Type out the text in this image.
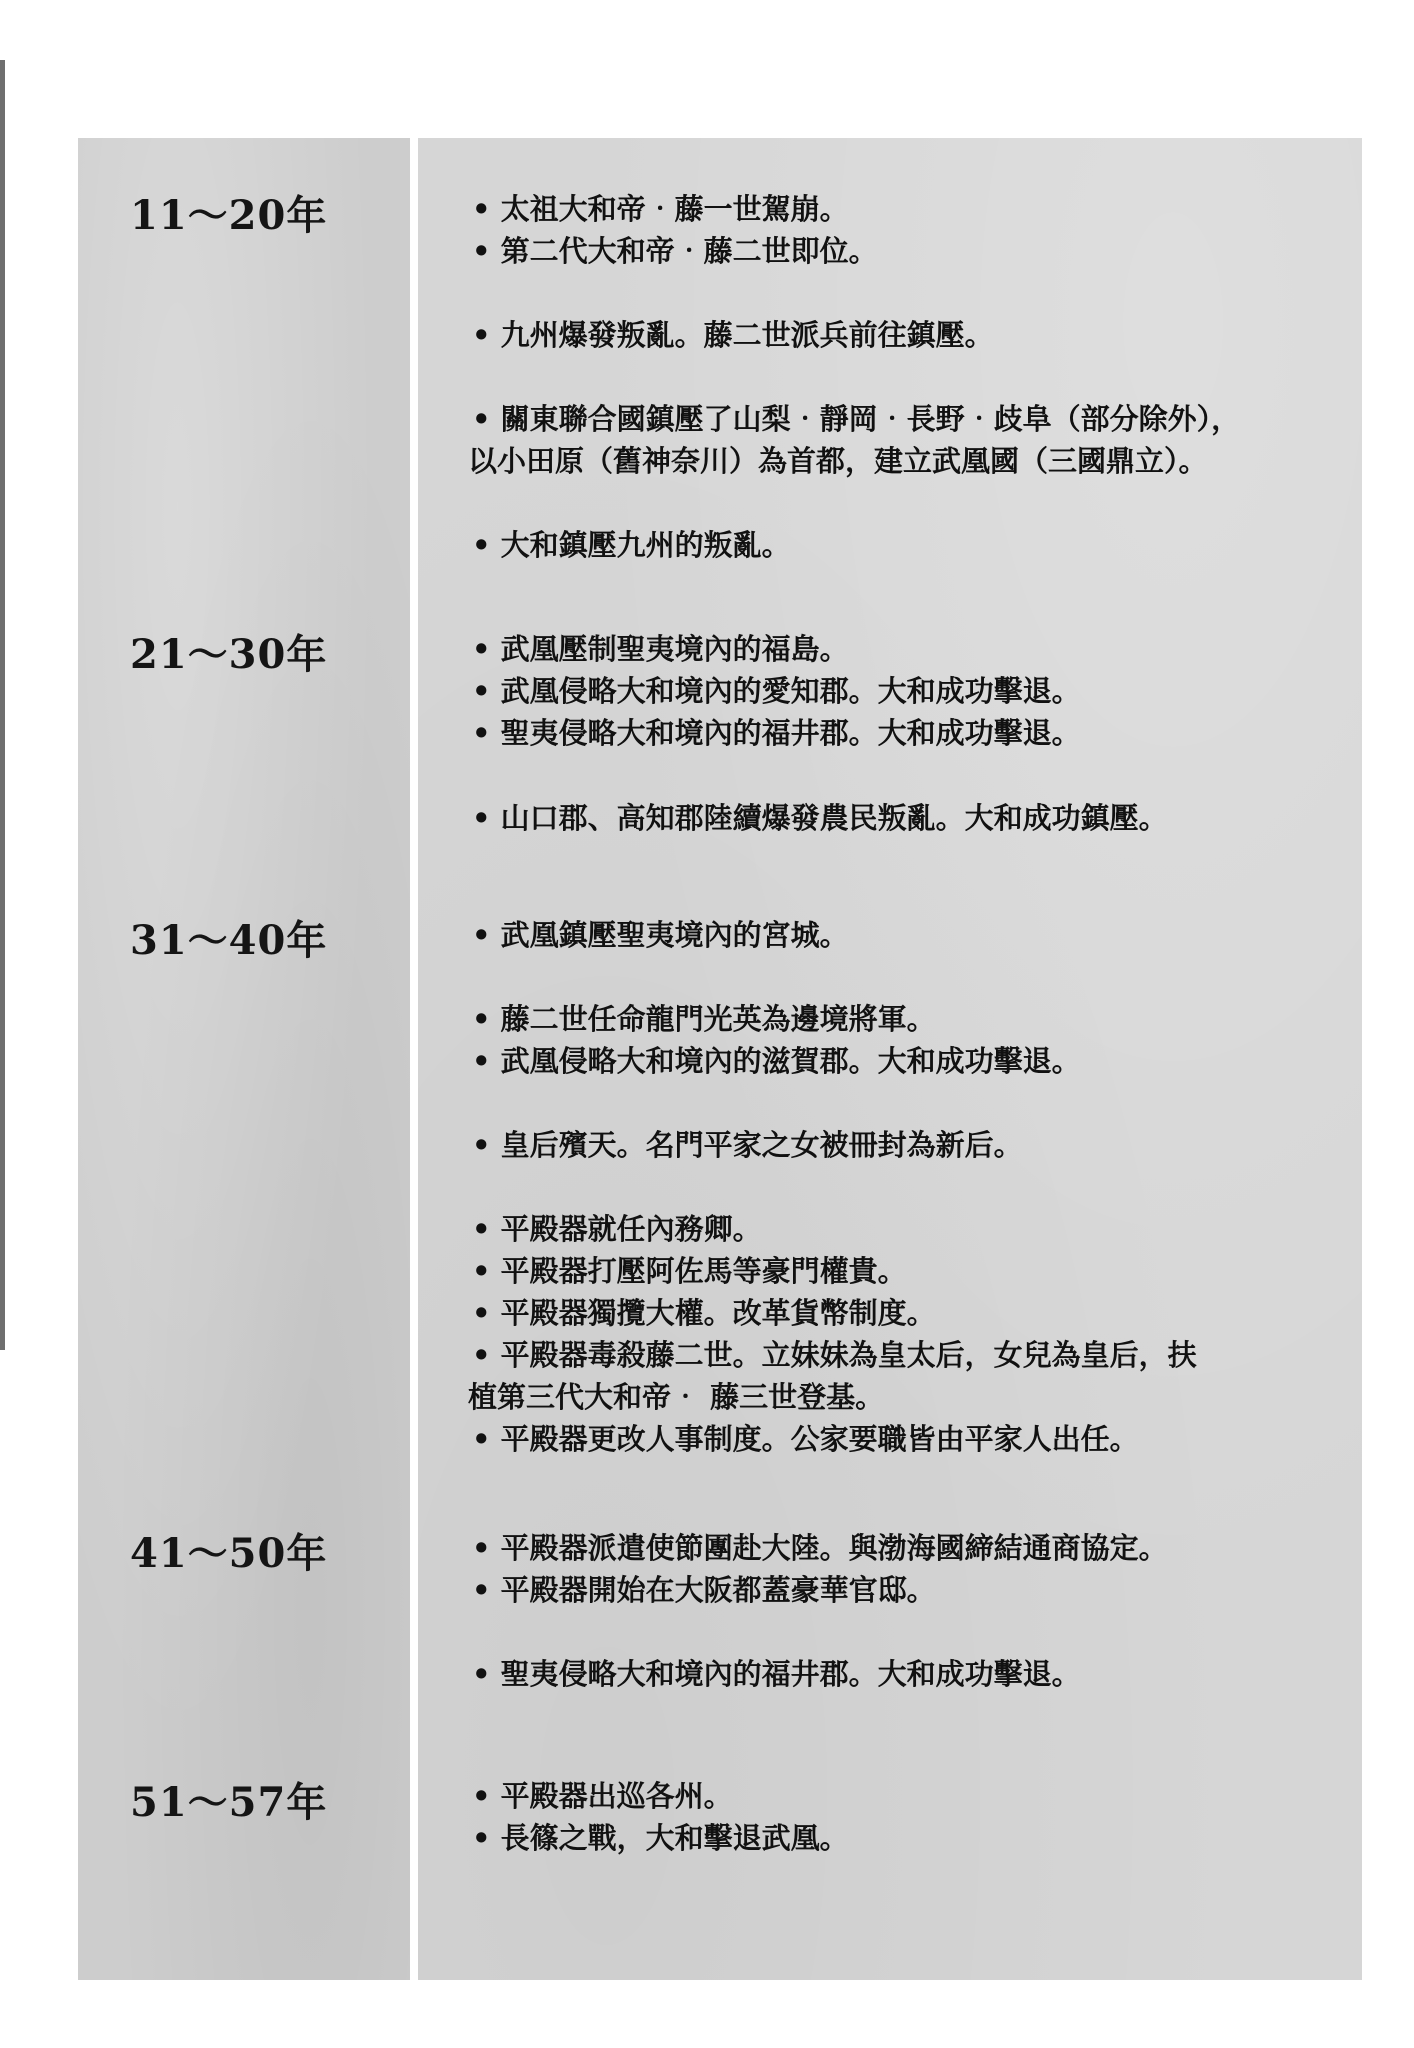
11～20年	• 太祖大和帝‧藤一世駕崩。
• 第二代大和帝‧藤二世即位。
• 九州爆發叛亂。藤二世派兵前往鎮壓。
• 關東聯合國鎮壓了山梨‧靜岡‧長野‧歧阜（部分除外），
以小田原（舊神奈川）為首都，建立武凰國（三國鼎立）。
• 大和鎮壓九州的叛亂。
21～30年	• 武凰壓制聖夷境內的福島。
• 武凰侵略大和境內的愛知郡。大和成功擊退。
• 聖夷侵略大和境內的福井郡。大和成功擊退。
• 山口郡、高知郡陸續爆發農民叛亂。大和成功鎮壓。
31～40年	• 武凰鎮壓聖夷境內的宮城。
• 藤二世任命龍門光英為邊境將軍。
• 武凰侵略大和境內的滋賀郡。大和成功擊退。
• 皇后殯天。名門平家之女被冊封為新后。
• 平殿器就任內務卿。
• 平殿器打壓阿佐馬等豪門權貴。
• 平殿器獨攬大權。改革貨幣制度。
• 平殿器毒殺藤二世。立妹妹為皇太后，女兒為皇后，扶
植第三代大和帝‧ 藤三世登基。
• 平殿器更改人事制度。公家要職皆由平家人出任。
41～50年	• 平殿器派遣使節團赴大陸。與渤海國締結通商協定。
• 平殿器開始在大阪都蓋豪華官邸。
• 聖夷侵略大和境內的福井郡。大和成功擊退。
51～57年	• 平殿器出巡各州。
• 長篠之戰，大和擊退武凰。
